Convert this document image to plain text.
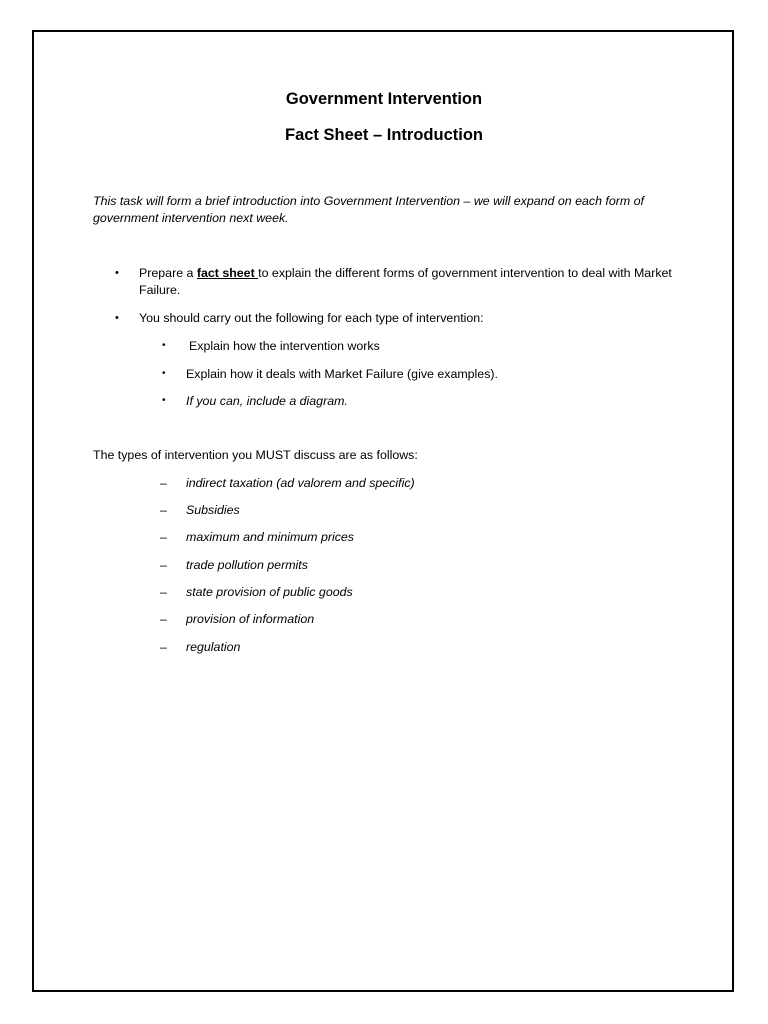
Government Intervention
Fact Sheet – Introduction

This task will form a brief introduction into Government Intervention – we will expand on each form of government intervention next week.

• Prepare a fact sheet to explain the different forms of government intervention to deal with Market Failure.
• You should carry out the following for each type of intervention:
• Explain how the intervention works
• Explain how it deals with Market Failure (give examples).
• If you can, include a diagram.

The types of intervention you MUST discuss are as follows:

– indirect taxation (ad valorem and specific)
– Subsidies
– maximum and minimum prices
– trade pollution permits
– state provision of public goods
– provision of information
– regulation
